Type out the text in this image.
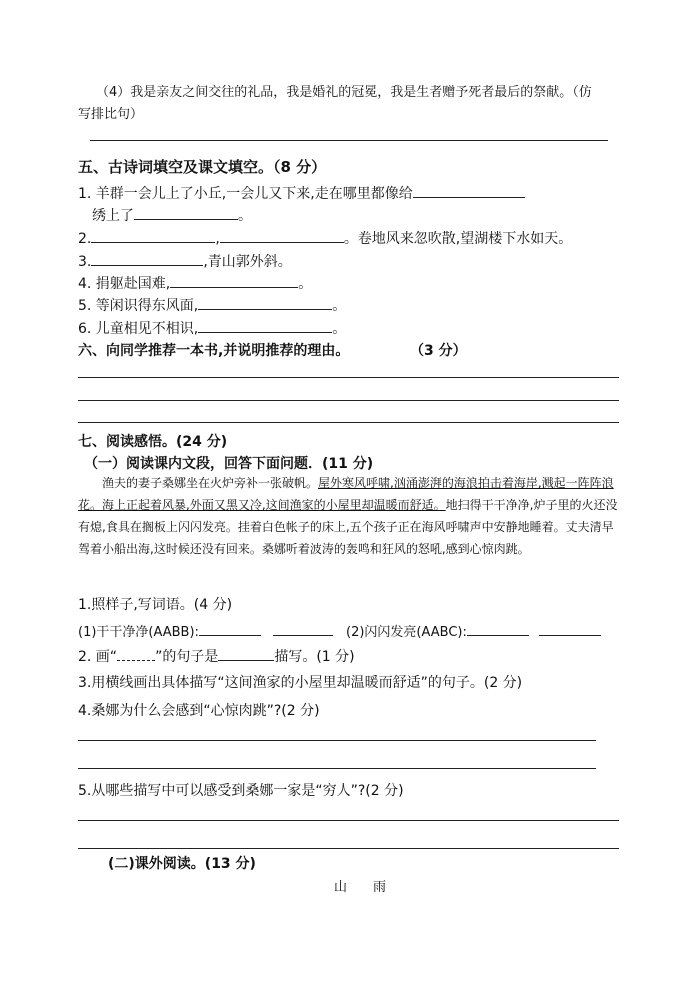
（4）我是亲友之间交往的礼品，我是婚礼的冠冕，我是生者赠予死者最后的祭献。（仿
写排比句）
五、古诗词填空及课文填空。（8 分）
1. 羊群一会儿上了小丘,一会儿又下来,走在哪里都像给
绣上了	。
2.	,	。卷地风来忽吹散,望湖楼下水如天。
3.	,青山郭外斜。
4. 捐躯赴国难,	。
5. 等闲识得东风面,	。
6. 儿童相见不相识,	。
六、向同学推荐一本书,并说明推荐的理由。	（3 分）
七、阅读感悟。(24 分)
（一）阅读课内文段，回答下面问题．(11 分)
渔夫的妻子桑娜坐在火炉旁补一张破帆。屋外寒风呼啸,汹涌澎湃的海浪拍击着海岸,溅起一阵阵浪花。海上正起着风暴,外面又黑又冷,这间渔家的小屋里却温暖而舒适。地扫得干干净净,炉子里的火还没有熄,食具在搁板上闪闪发亮。挂着白色帐子的床上,五个孩子正在海风呼啸声中安静地睡着。丈夫清早驾着小船出海,这时候还没有回来。桑娜听着波涛的轰鸣和狂风的怒吼,感到心惊肉跳。
1.照样子,写词语。(4 分)
(1)干干净净(AABB):	(2)闪闪发亮(AABC):
2. 画“	”的句子是	描写。(1 分)
3.用横线画出具体描写“这间渔家的小屋里却温暖而舒适”的句子。(2 分)
4.桑娜为什么会感到“心惊肉跳”?(2 分)
5.从哪些描写中可以感受到桑娜一家是“穷人”?(2 分)
(二)课外阅读。(13 分)
山　　雨
